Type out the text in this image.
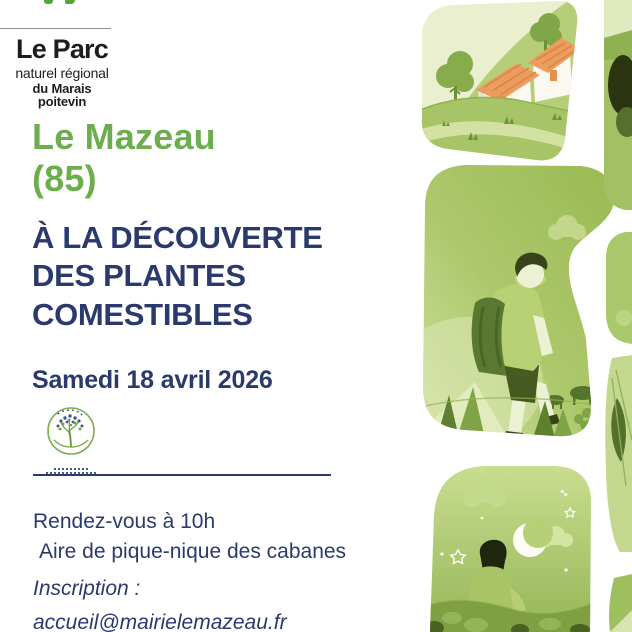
Le Parc
naturel régional
du Marais poitevin
Le Mazeau
(85)
À LA DÉCOUVERTE
DES PLANTES
COMESTIBLES
Samedi 18 avril 2026
Rendez-vous à 10h
Aire de pique-nique des cabanes
Inscription :
accueil@mairielemazeau.fr
